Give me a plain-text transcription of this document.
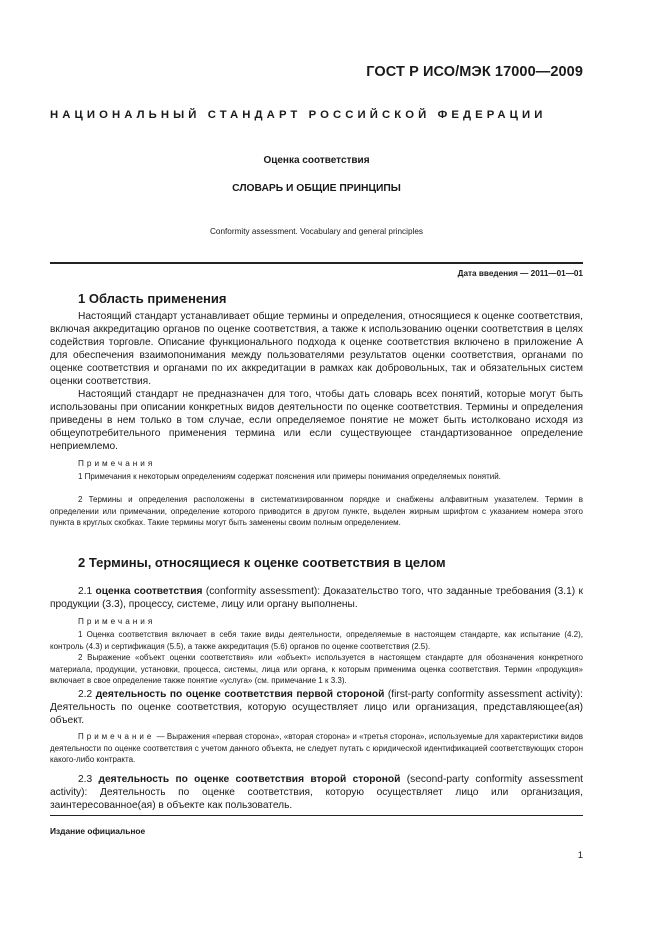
ГОСТ Р ИСО/МЭК 17000—2009
НАЦИОНАЛЬНЫЙ СТАНДАРТ РОССИЙСКОЙ ФЕДЕРАЦИИ
Оценка соответствия
СЛОВАРЬ И ОБЩИЕ ПРИНЦИПЫ
Conformity assessment. Vocabulary and general principles
Дата введения — 2011—01—01
1 Область применения
Настоящий стандарт устанавливает общие термины и определения, относящиеся к оценке соответствия, включая аккредитацию органов по оценке соответствия, а также к использованию оценки соответствия в целях содействия торговле. Описание функционального подхода к оценке соответствия включено в приложение А для обеспечения взаимопонимания между пользователями результатов оценки соответствия, органами по оценке соответствия и органами по их аккредитации в рамках как добровольных, так и обязательных систем оценки соответствия.
Настоящий стандарт не предназначен для того, чтобы дать словарь всех понятий, которые могут быть использованы при описании конкретных видов деятельности по оценке соответствия. Термины и определения приведены в нем только в том случае, если определяемое понятие не может быть истолковано исходя из общеупотребительного применения термина или если существующее стандартизованное определение неприемлемо.
Примечания
1 Примечания к некоторым определениям содержат пояснения или примеры понимания определяемых понятий.
2 Термины и определения расположены в систематизированном порядке и снабжены алфавитным указателем. Термин в определении или примечании, определение которого приводится в другом пункте, выделен жирным шрифтом с указанием номера этого пункта в круглых скобках. Такие термины могут быть заменены своим полным определением.
2 Термины, относящиеся к оценке соответствия в целом
2.1 оценка соответствия (conformity assessment): Доказательство того, что заданные требования (3.1) к продукции (3.3), процессу, системе, лицу или органу выполнены.
Примечания
1 Оценка соответствия включает в себя такие виды деятельности, определяемые в настоящем стандарте, как испытание (4.2), контроль (4.3) и сертификация (5.5), а также аккредитация (5.6) органов по оценке соответствия (2.5).
2 Выражение «объект оценки соответствия» или «объект» используется в настоящем стандарте для обозначения конкретного материала, продукции, установки, процесса, системы, лица или органа, к которым применима оценка соответствия. Термин «продукция» включает в свое определение также понятие «услуга» (см. примечание 1 к 3.3).
2.2 деятельность по оценке соответствия первой стороной (first-party conformity assessment activity): Деятельность по оценке соответствия, которую осуществляет лицо или организация, представляющее(ая) объект.
Примечание — Выражения «первая сторона», «вторая сторона» и «третья сторона», используемые для характеристики видов деятельности по оценке соответствия с учетом данного объекта, не следует путать с юридической идентификацией соответствующих сторон какого-либо контракта.
2.3 деятельность по оценке соответствия второй стороной (second-party conformity assessment activity): Деятельность по оценке соответствия, которую осуществляет лицо или организация, заинтересованное(ая) в объекте как пользователь.
Издание официальное
1
